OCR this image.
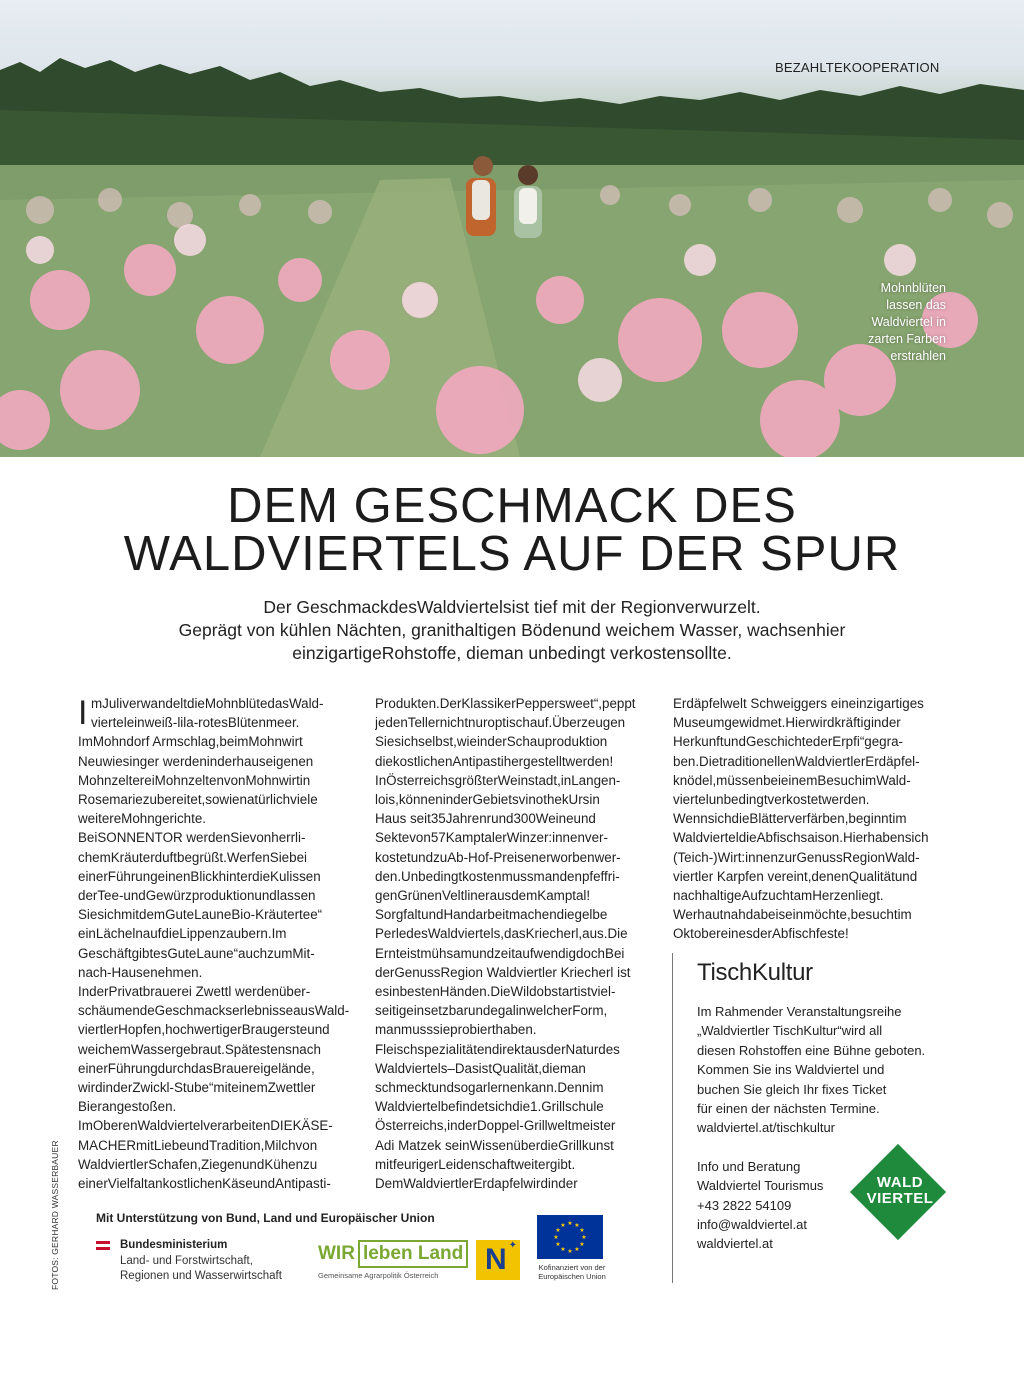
BEZAHLTEKOOPERATION
Mohnblüten
lassen das
Waldviertel in
zarten Farben
erstrahlen
DEM GESCHMACK DES
WALDVIERTELS AUF DER SPUR
Der GeschmackdesWaldviertelsist tief mit der Regionverwurzelt.
Geprägt von kühlen Nächten, granithaltigen Bödenund weichem Wasser, wachsenhier
einzigartigeRohstoffe, dieman unbedingt verkostensollte.
I mJuliverwandeltdieMohnblütedasWald-

vierteleinweiß-lila-rotesBlütenmeer.

ImMohndorf Armschlag,beimMohnwirt

Neuwiesinger werdeninderhauseigenen

MohnzeltereiMohnzeltenvonMohnwirtin

Rosemariezubereitet,sowienatürlichviele

weitereMohngerichte.

BeiSONNENTOR werdenSievonherrli-

chemKräuterduftbegrüßt.WerfenSiebei

einerFührungeinenBlickhinterdieKulissen

derTee-undGewürzproduktionundlassen

SiesichmitdemGuteLauneBio-Kräutertee“

einLächelnaufdieLippenzaubern.Im

GeschäftgibtesGuteLaune“auchzumMit-

nach-Hausenehmen.

InderPrivatbrauerei Zwettl werdenüber-

schäumendeGeschmackserlebnisseausWald-

viertlerHopfen,hochwertigerBraugersteund

weichemWassergebraut.Spätestensnach

einerFührungdurchdasBrauereigelände,

wirdinderZwickl-Stube“miteinemZwettler

Bierangestoßen.

ImOberenWaldviertelverarbeitenDIEKÄSE-

MACHERmitLiebeundTradition,Milchvon

WaldviertlerSchafen,ZiegenundKühenzu

einerVielfaltankostlichenKäseundAntipasti-

Produkten.DerKlassikerPeppersweet“,peppt

jedenTellernichtnuroptischauf.Überzeugen

Siesichselbst,wieinderSchauproduktion

diekostlichenAntipastihergestelltwerden!

InÖsterreichsgrößterWeinstadt,inLangen-

lois,könneninderGebietsvinothekUrsin

Haus seit35Jahrenrund300Weineund

Sektevon57KamptalerWinzer:innenver-

kostetundzuAb-Hof-Preisenerworbenwer-

den.Unbedingtkostenmussmandenpfeffri-

genGrünenVeltlinerausdemKamptal!

SorgfaltundHandarbeitmachendiegelbe

PerledesWaldviertels,dasKriecherl,aus.Die

ErnteistmühsamundzeitaufwendigdochBei

derGenussRegion Waldviertler Kriecherl ist

esinbestenHänden.DieWildobstartistviel-

seitigeinsetzbarundegalinwelcherForm,

manmusssieprobierthaben.

FleischspezialitätendirektausderNaturdes

Waldviertels–DasistQualität,dieman

schmecktundsogarlernenkann.Dennim

Waldviertelbefindetsichdie1.Grillschule

Österreichs,inderDoppel-Grillweltmeister

Adi Matzek seinWissenüberdieGrillkunst

mitfeurigerLeidenschaftweitergibt.

DemWaldviertlerErdapfelwirdinder

Erdäpfelwelt Schweiggers eineinzigartiges

Museumgewidmet.Hierwirdkräftiginder

HerkunftundGeschichtederErpfi“gegra-

ben.DietraditionellenWaldviertlerErdäpfel-

knödel,müssenbeieinemBesuchimWald-

viertelunbedingtverkostetwerden.

WennsichdieBlätterverfärben,beginntim

WaldvierteldieAbfischsaison.Hierhabensich

(Teich-)Wirt:innenzurGenussRegionWald-

viertler Karpfen vereint,denenQualitätund

nachhaltigeAufzuchtamHerzenliegt.

Werhautnahdabeiseinmöchte,besuchtim

OktobereinesderAbfischfeste!

TischKultur
Im Rahmender Veranstaltungsreihe
„Waldviertler TischKultur“wird all
diesen Rohstoffen eine Bühne geboten.
Kommen Sie ins Waldviertel und
buchen Sie gleich Ihr fixes Ticket
für einen der nächsten Termine.
waldviertel.at/tischkultur
Info und Beratung
Waldviertel Tourismus
+43 2822 54109
info@waldviertel.at
waldviertel.at
WALD
VIERTEL
FOTOS: GERHARD WASSERBAUER	Mit Unterstützung von Bund, Land und Europäischer Union
Bundesministerium
Land- und Forstwirtschaft,
Regionen und Wasserwirtschaft
WIR leben Land
Gemeinsame Agrarpolitik Österreich	N ✦
★ ★
★
★
★
★
★
★
★
★
★
★
Kofinanziert von der
Europäischen Union
